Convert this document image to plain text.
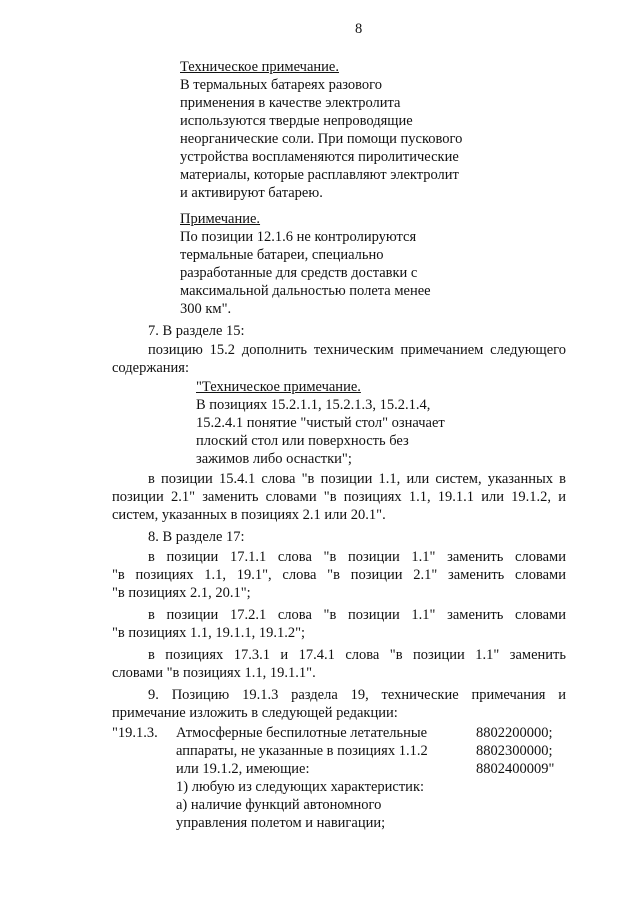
8
Техническое примечание.
В термальных батареях разового
применения в качестве электролита
используются твердые непроводящие
неорганические соли. При помощи пускового
устройства воспламеняются пиролитические
материалы, которые расплавляют электролит
и активируют батарею.
Примечание.
По позиции 12.1.6 не контролируются
термальные батареи, специально
разработанные для средств доставки с
максимальной дальностью полета менее
300 км".
7. В разделе 15:
позицию 15.2 дополнить техническим примечанием следующего
содержания:
"Техническое примечание.
В позициях 15.2.1.1, 15.2.1.3, 15.2.1.4,
15.2.4.1 понятие "чистый стол" означает
плоский стол или поверхность без
зажимов либо оснастки";
в позиции 15.4.1 слова "в позиции 1.1, или систем, указанных в
позиции 2.1" заменить словами "в позициях 1.1, 19.1.1 или 19.1.2, и
систем, указанных в позициях 2.1 или 20.1".
8. В разделе 17:
в позиции 17.1.1 слова "в позиции 1.1" заменить словами
"в позициях 1.1, 19.1", слова "в позиции 2.1" заменить словами
"в позициях 2.1, 20.1";
в позиции 17.2.1 слова "в позиции 1.1" заменить словами
"в позициях 1.1, 19.1.1, 19.1.2";
в позициях 17.3.1 и 17.4.1 слова "в позиции 1.1" заменить
словами "в позициях 1.1, 19.1.1".
9. Позицию 19.1.3 раздела 19, технические примечания и
примечание изложить в следующей редакции:
"19.1.3. Атмосферные беспилотные летательные
аппараты, не указанные в позициях 1.1.2
или 19.1.2, имеющие:
1) любую из следующих характеристик:
а) наличие функций автономного
управления полетом и навигации;
8802200000;
8802300000;
8802400009"
